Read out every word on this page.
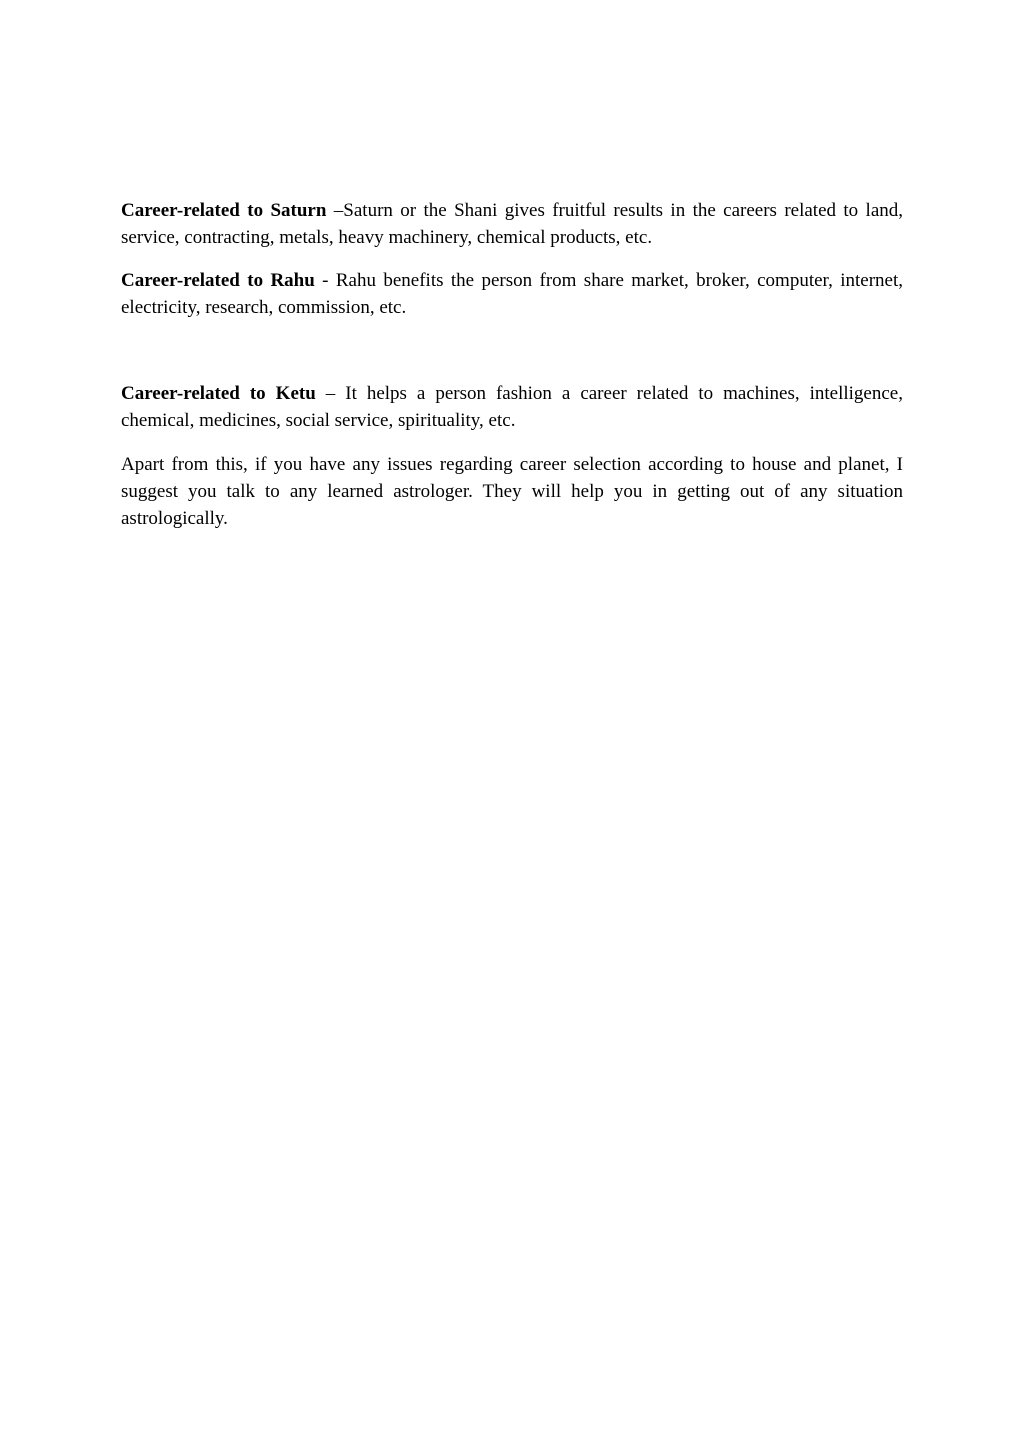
Career-related to Saturn –Saturn or the Shani gives fruitful results in the careers related to land, service, contracting, metals, heavy machinery, chemical products, etc.

Career-related to Rahu - Rahu benefits the person from share market, broker, computer, internet, electricity, research, commission, etc.

Career-related to Ketu – It helps a person fashion a career related to machines, intelligence, chemical, medicines, social service, spirituality, etc.

Apart from this, if you have any issues regarding career selection according to house and planet, I suggest you talk to any learned astrologer. They will help you in getting out of any situation astrologically.
